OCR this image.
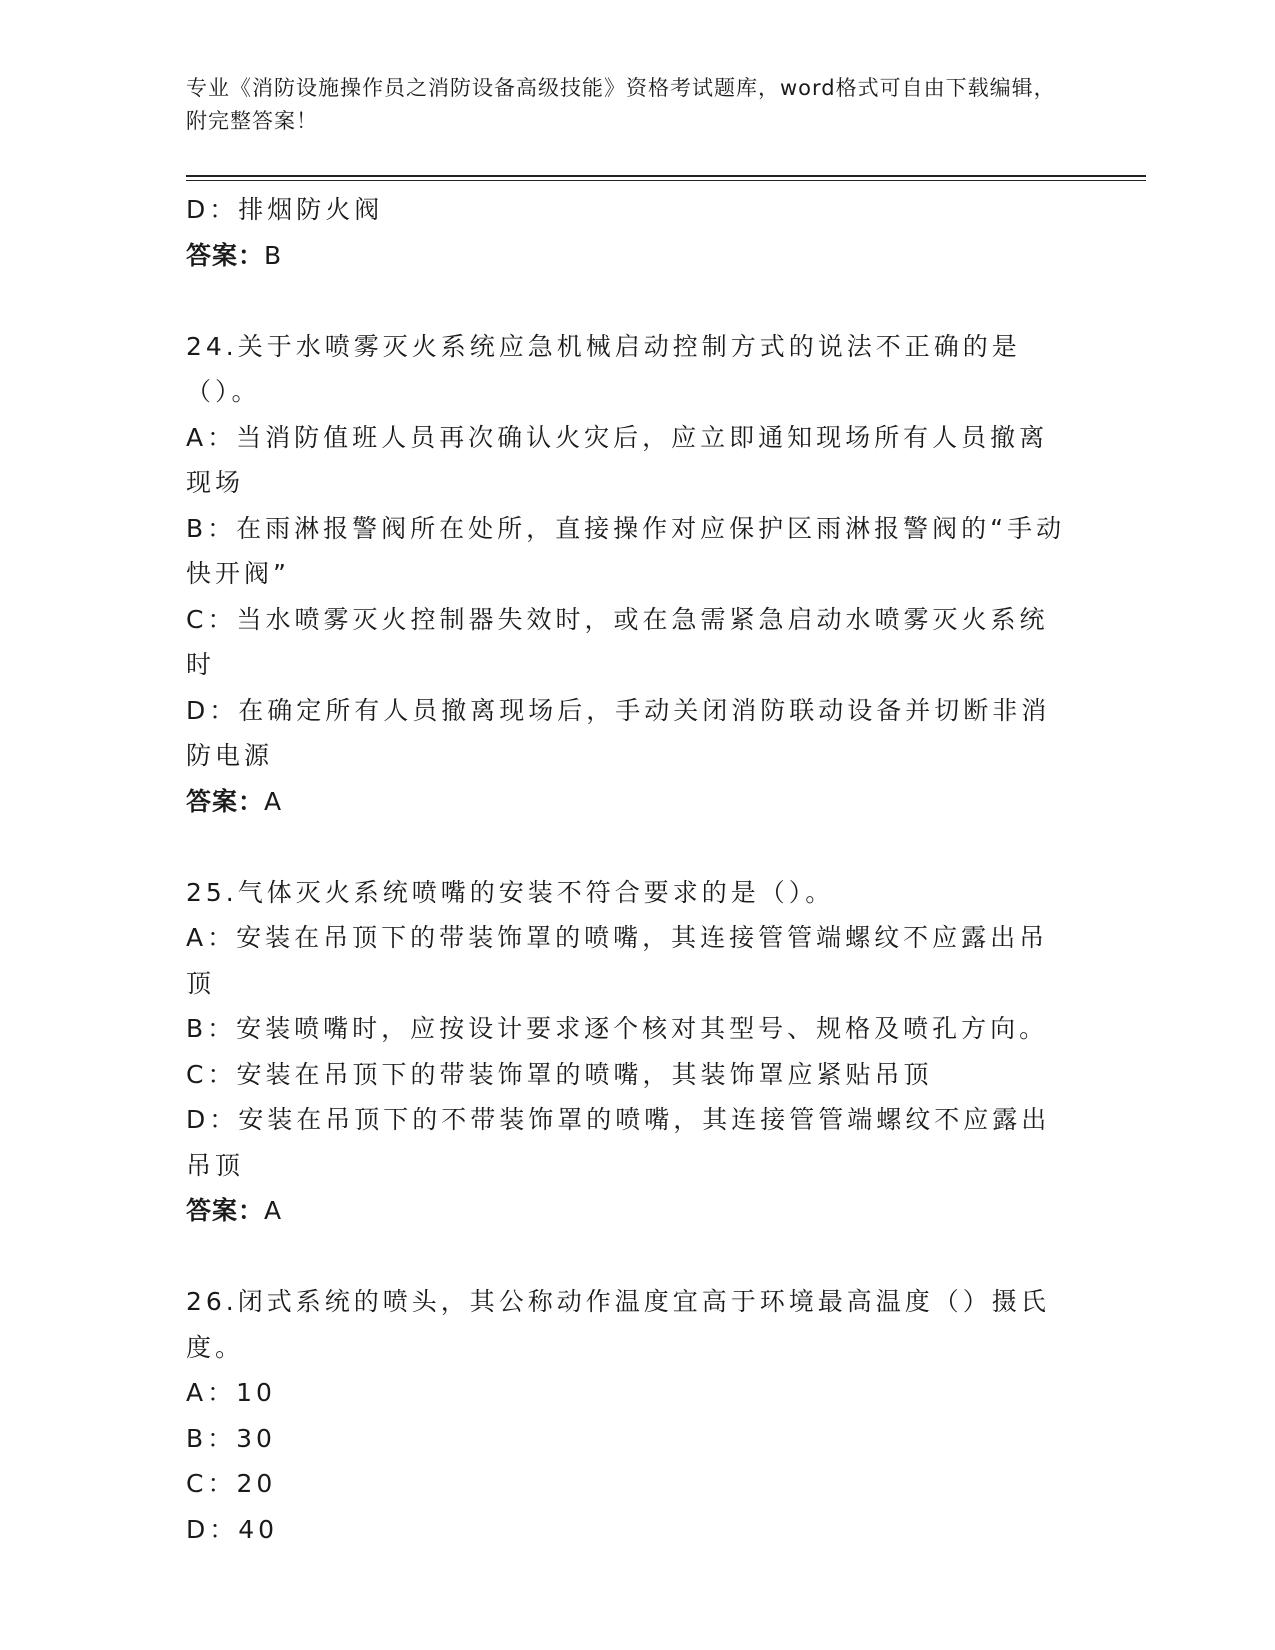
专业《消防设施操作员之消防设备高级技能》资格考试题库，word格式可自由下载编辑，附完整答案！
D：排烟防火阀
答案：B
24.关于水喷雾灭火系统应急机械启动控制方式的说法不正确的是（）。
A：当消防值班人员再次确认火灾后，应立即通知现场所有人员撤离现场
B：在雨淋报警阀所在处所，直接操作对应保护区雨淋报警阀的“手动快开阀”
C：当水喷雾灭火控制器失效时，或在急需紧急启动水喷雾灭火系统时
D：在确定所有人员撤离现场后，手动关闭消防联动设备并切断非消防电源
答案：A
25.气体灭火系统喷嘴的安装不符合要求的是（）。
A：安装在吊顶下的带装饰罩的喷嘴，其连接管管端螺纹不应露出吊顶
B：安装喷嘴时，应按设计要求逐个核对其型号、规格及喷孔方向。
C：安装在吊顶下的带装饰罩的喷嘴，其装饰罩应紧贴吊顶
D：安装在吊顶下的不带装饰罩的喷嘴，其连接管管端螺纹不应露出吊顶
答案：A
26.闭式系统的喷头，其公称动作温度宜高于环境最高温度（）摄氏度。
A：10
B：30
C：20
D：40
